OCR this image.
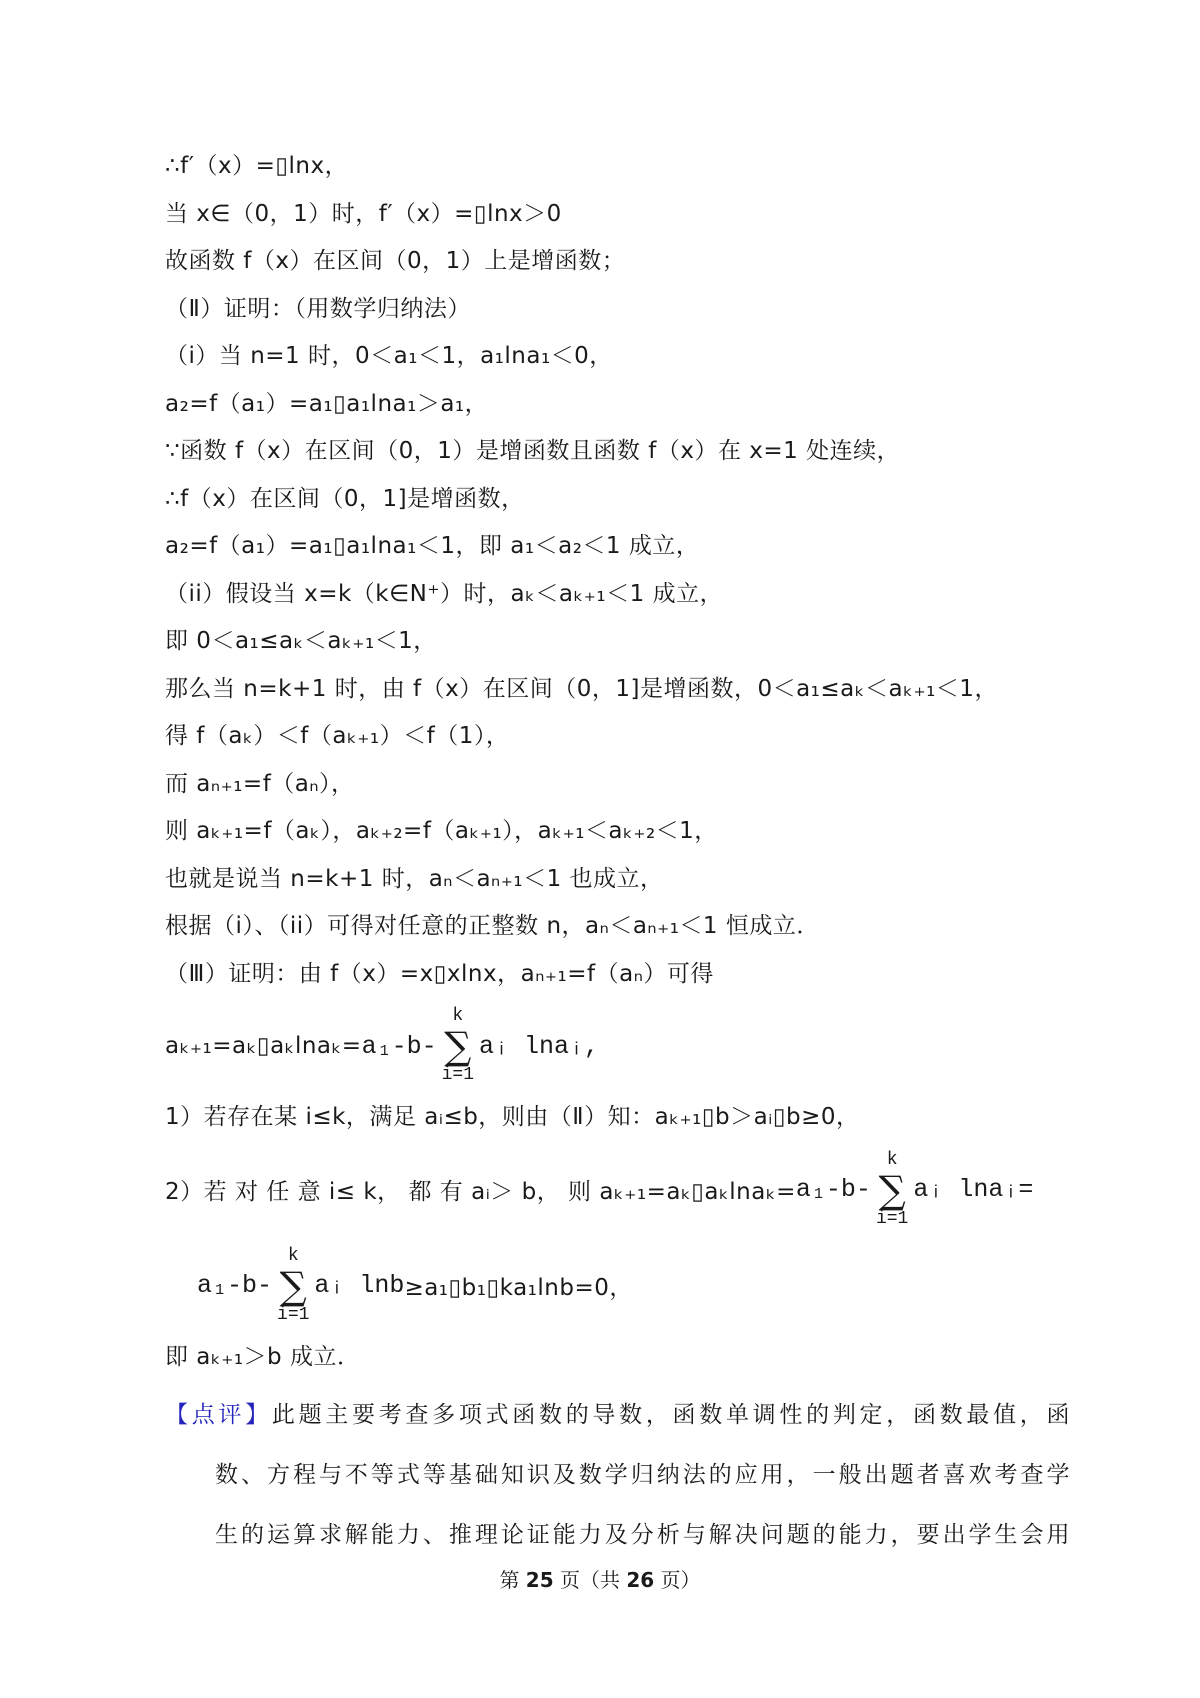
∴f′（x）=▯lnx，
当 x∈（0，1）时，f′（x）=▯lnx＞0
故函数 f（x）在区间（0，1）上是增函数；
（Ⅱ）证明：（用数学归纳法）
（i）当 n=1 时，0＜a₁＜1，a₁lna₁＜0，
a₂=f（a₁）=a₁▯a₁lna₁＞a₁，
∵函数 f（x）在区间（0，1）是增函数且函数 f（x）在 x=1 处连续，
∴f（x）在区间（0，1]是增函数，
a₂=f（a₁）=a₁▯a₁lna₁＜1，即 a₁＜a₂＜1 成立，
（ii）假设当 x=k（k∈N⁺）时，aₖ＜aₖ₊₁＜1 成立，
即 0＜a₁≤aₖ＜aₖ₊₁＜1，
那么当 n=k+1 时，由 f（x）在区间（0，1]是增函数，0＜a₁≤aₖ＜aₖ₊₁＜1，
得 f（aₖ）＜f（aₖ₊₁）＜f（1），
而 aₙ₊₁=f（aₙ），
则 aₖ₊₁=f（aₖ），aₖ₊₂=f（aₖ₊₁），aₖ₊₁＜aₖ₊₂＜1，
也就是说当 n=k+1 时，aₙ＜aₙ₊₁＜1 也成立，
根据（i）、（ii）可得对任意的正整数 n，aₙ＜aₙ₊₁＜1 恒成立．
（Ⅲ）证明：由 f（x）=x▯xlnx，aₙ₊₁=f（aₙ）可得
aₖ₊₁=aₖ▯aₖlnaₖ= a₁-b-
k
∑
i=1
aᵢ lnaᵢ,
1）若存在某 i≤k，满足 aᵢ≤b，则由（Ⅱ）知：aₖ₊₁▯b＞aᵢ▯b≥0，
2）若 对 任 意 i≤ k， 都 有 aᵢ＞ b， 则 aₖ₊₁=aₖ▯aₖlnaₖ= a₁-b-
k
∑
i=1
aᵢ lnaᵢ=
a₁-b-
k
∑
i=1
aᵢ lnb ≥a₁▯b₁▯ka₁lnb=0，
即 aₖ₊₁＞b 成立．
【点评】此题主要考查多项式函数的导数，函数单调性的判定，函数最值，函
数、方程与不等式等基础知识及数学归纳法的应用，一般出题者喜欢考查学
生的运算求解能力、推理论证能力及分析与解决问题的能力，要出学生会用
第 25 页（共 26 页）
